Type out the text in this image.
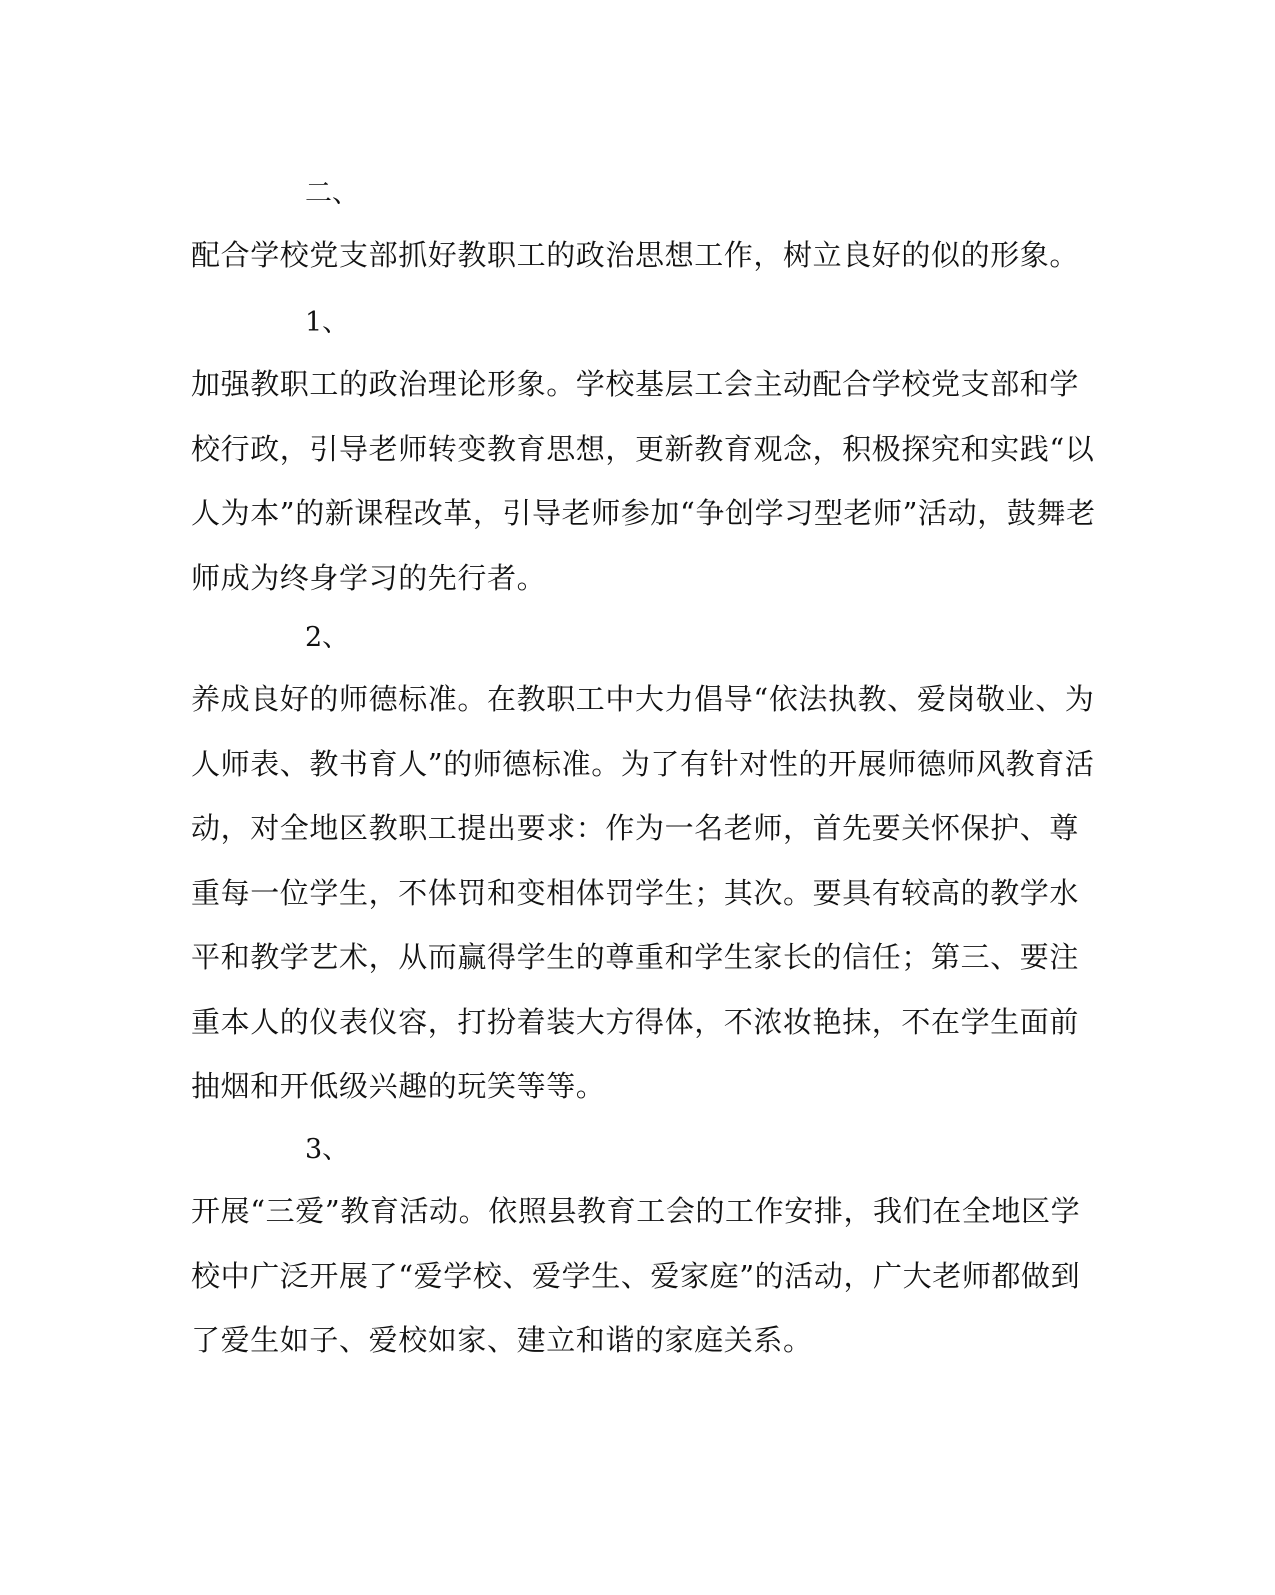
二、
配合学校党支部抓好教职工的政治思想工作，树立良好的似的形象。
1、
加强教职工的政治理论形象。学校基层工会主动配合学校党支部和学
校行政，引导老师转变教育思想，更新教育观念，积极探究和实践“以
人为本”的新课程改革，引导老师参加“争创学习型老师”活动，鼓舞老
师成为终身学习的先行者。
2、
养成良好的师德标准。在教职工中大力倡导“依法执教、爱岗敬业、为
人师表、教书育人”的师德标准。为了有针对性的开展师德师风教育活
动，对全地区教职工提出要求：作为一名老师，首先要关怀保护、尊
重每一位学生，不体罚和变相体罚学生；其次。要具有较高的教学水
平和教学艺术，从而赢得学生的尊重和学生家长的信任；第三、要注
重本人的仪表仪容，打扮着装大方得体，不浓妆艳抹，不在学生面前
抽烟和开低级兴趣的玩笑等等。
3、
开展“三爱”教育活动。依照县教育工会的工作安排，我们在全地区学
校中广泛开展了“爱学校、爱学生、爱家庭”的活动，广大老师都做到
了爱生如子、爱校如家、建立和谐的家庭关系。
